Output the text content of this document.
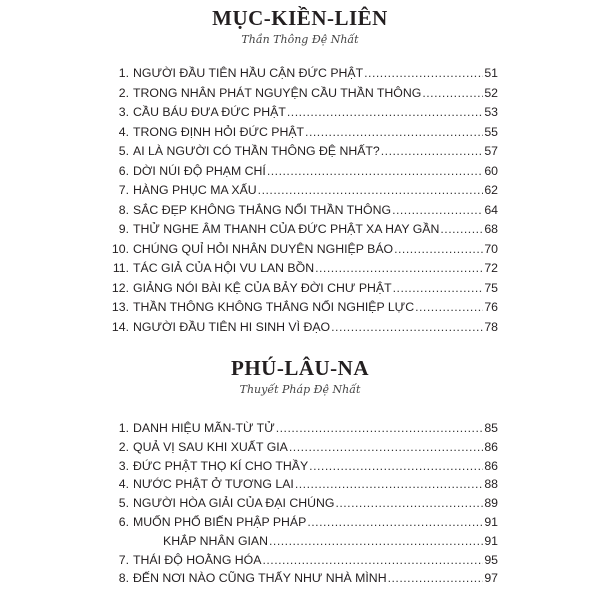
MỤC-KIỀN-LIÊN
Thần Thông Đệ Nhất
1. NGƯỜI ĐẦU TIÊN HẦU CẬN ĐỨC PHẬT .....	51
2. TRONG NHÂN PHÁT NGUYỆN CẦU THẦN THÔNG .....	52
3. CẦU BÁU ĐƯA ĐỨC PHẬT .....	53
4. TRONG ĐỊNH HỎI ĐỨC PHẬT .....	55
5. AI LÀ NGƯỜI CÓ THẦN THÔNG ĐỆ NHẤT? .....	57
6. DỜI NÚI ĐỘ PHẠM CHÍ .....	60
7. HÀNG PHỤC MA XẤU .....	62
8. SẮC ĐẸP KHÔNG THẮNG NỔI THẦN THÔNG .....	64
9. THỬ NGHE ÂM THANH CỦA ĐỨC PHẬT XA HAY GẦN .....	68
10. CHÚNG QUỈ HỎI NHÂN DUYÊN NGHIỆP BÁO .....	70
11. TÁC GIẢ CỦA HỘI VU LAN BỒN .....	72
12. GIẢNG NÓI BÀI KỆ CỦA BẢY ĐỜI CHƯ PHẬT .....	75
13. THẦN THÔNG KHÔNG THẮNG NỔI NGHIỆP LỰC .....	76
14. NGƯỜI ĐẦU TIÊN HI SINH VÌ ĐẠO .....	78
PHÚ-LÂU-NA
Thuyết Pháp Đệ Nhất
1. DANH HIỆU MÃN-TỪ TỬ .....	85
2. QUẢ VỊ SAU KHI XUẤT GIA .....	86
3. ĐỨC PHẬT THỌ KÍ CHO THẦY .....	86
4. NƯỚC PHẬT Ở TƯƠNG LAI .....	88
5. NGƯỜI HÒA GIẢI CỦA ĐẠI CHÚNG .....	89
6. MUỐN PHỔ BIẾN PHẬP PHÁP .....	91
KHẮP NHÂN GIAN .....	91
7. THÁI ĐỘ HOẰNG HÓA .....	95
8. ĐẾN NƠI NÀO CŨNG THẤY NHƯ NHÀ MÌNH .....	97
